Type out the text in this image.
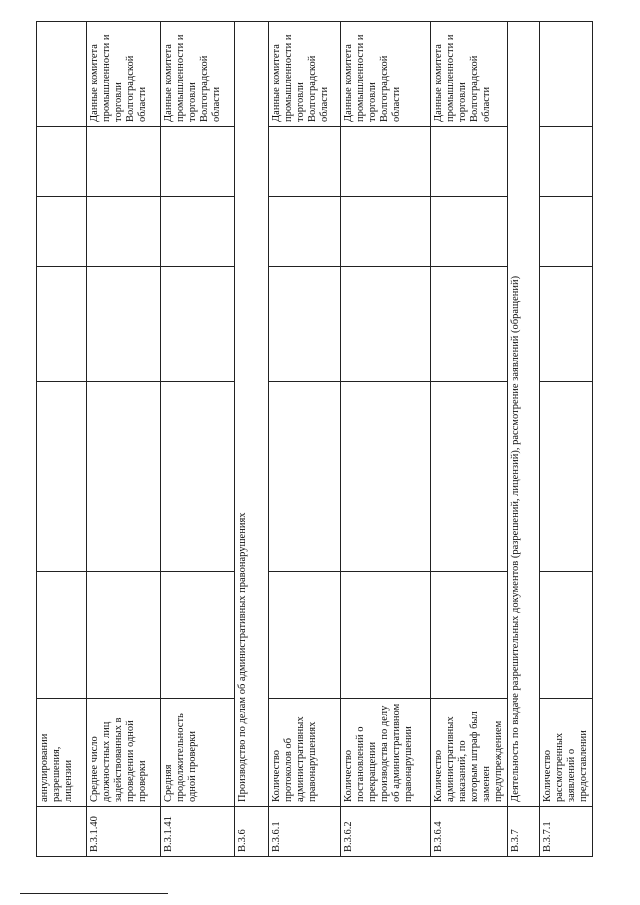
	аннулировании разрешения, лицензии						
В.3.1.40	Среднее число должностных лиц задействованных в проведении одной проверки						Данные комитета промышленности и торговли Волгоградской области
В.3.1.41	Средняя продолжительность одной проверки						Данные комитета промышленности и торговли Волгоградской области
В.3.6	Производство по делам об административных правонарушениях						
В.3.6.1	Количество протоколов об административных правонарушениях						Данные комитета промышленности и торговли Волгоградской области
В.3.6.2	Количество постановлений о прекращении производства по делу об административном правонарушении						Данные комитета промышленности и торговли Волгоградской области
В.3.6.4	Количество административных наказаний, по которым штраф был заменен предупреждением						Данные комитета промышленности и торговли Волгоградской области
В.3.7	Деятельность по выдаче разрешительных документов (разрешений, лицензий), рассмотрение заявлений (обращений)						
В.3.7.1	Количество рассмотренных заявлений о предоставлении						
